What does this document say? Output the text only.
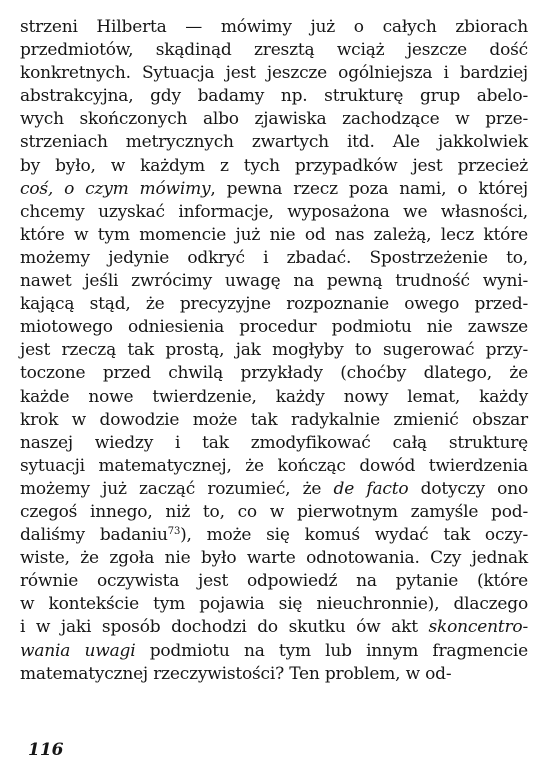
strzeni Hilberta — mówimy już o całych zbiorach
przedmiotów, skądinąd zresztą wciąż jeszcze dość
konkretnych. Sytuacja jest jeszcze ogólniejsza i bardziej
abstrakcyjna, gdy badamy np. strukturę grup abelo-
wych skończonych albo zjawiska zachodzące w prze-
strzeniach metrycznych zwartych itd. Ale jakkolwiek
by było, w każdym z tych przypadków jest przecież
coś, o czym mówimy, pewna rzecz poza nami, o której
chcemy uzyskać informacje, wyposażona we własności,
które w tym momencie już nie od nas zależą, lecz które
możemy jedynie odkryć i zbadać. Spostrzeżenie to,
nawet jeśli zwrócimy uwagę na pewną trudność wyni-
kającą stąd, że precyzyjne rozpoznanie owego przed-
miotowego odniesienia procedur podmiotu nie zawsze
jest rzeczą tak prostą, jak mogłyby to sugerować przy-
toczone przed chwilą przykłady (choćby dlatego, że
każde nowe twierdzenie, każdy nowy lemat, każdy
krok w dowodzie może tak radykalnie zmienić obszar
naszej wiedzy i tak zmodyfikować całą strukturę
sytuacji matematycznej, że kończąc dowód twierdzenia
możemy już zacząć rozumieć, że de facto dotyczy ono
czegoś innego, niż to, co w pierwotnym zamyśle pod-
daliśmy badaniu$^{73}$), może się komuś wydać tak oczy-
wiste, że zgoła nie było warte odnotowania. Czy jednak
równie oczywista jest odpowiedź na pytanie (które
w kontekście tym pojawia się nieuchronnie), dlaczego
i w jaki sposób dochodzi do skutku ów akt skoncentro-
wania uwagi podmiotu na tym lub innym fragmencie
matematycznej rzeczywistości? Ten problem, w od-
116
